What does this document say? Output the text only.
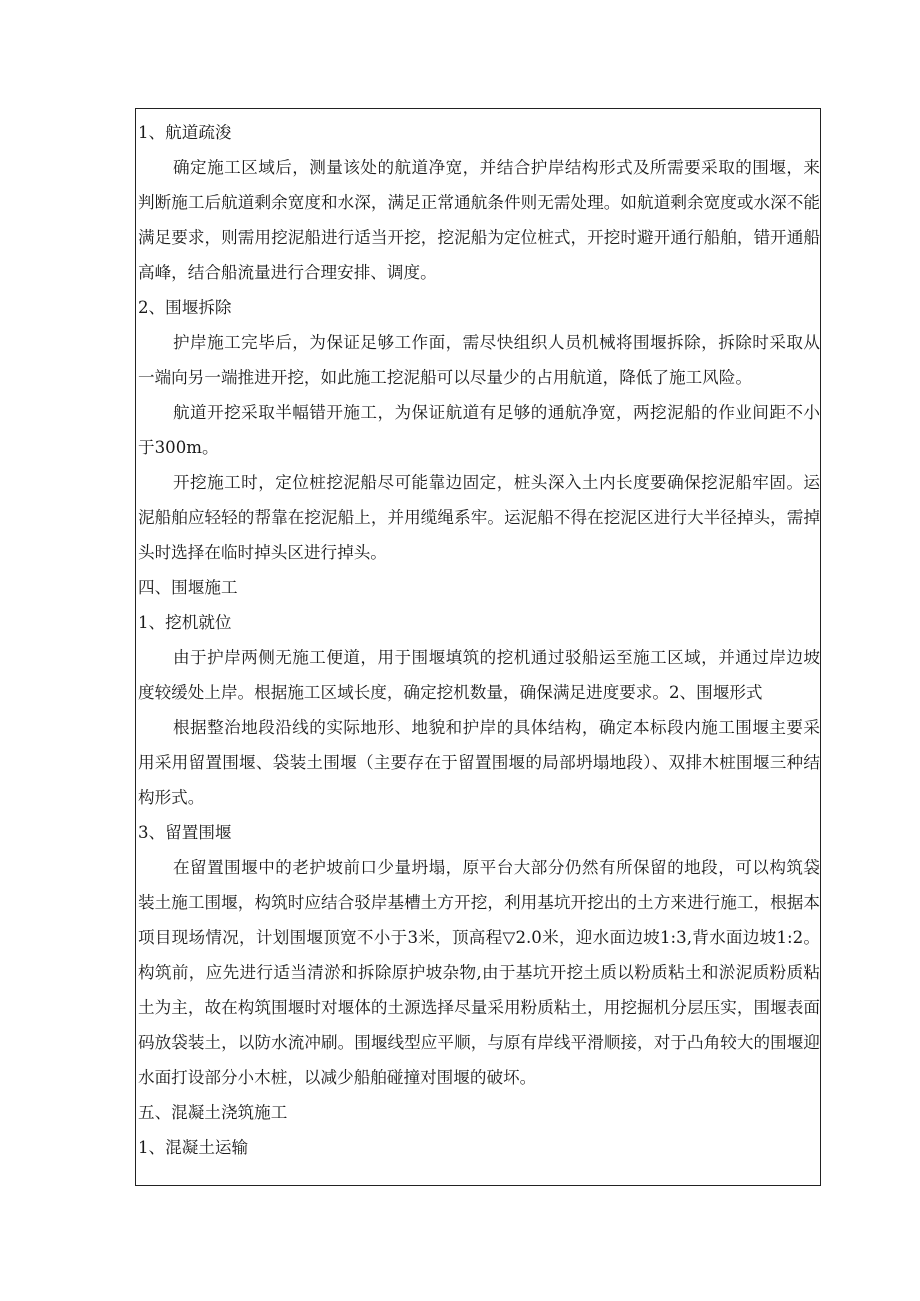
1、航道疏浚

确定施工区域后，测量该处的航道净宽，并结合护岸结构形式及所需要采取的围堰，来判断施工后航道剩余宽度和水深，满足正常通航条件则无需处理。如航道剩余宽度或水深不能满足要求，则需用挖泥船进行适当开挖，挖泥船为定位桩式，开挖时避开通行船舶，错开通船高峰，结合船流量进行合理安排、调度。

2、围堰拆除

护岸施工完毕后，为保证足够工作面，需尽快组织人员机械将围堰拆除，拆除时采取从一端向另一端推进开挖，如此施工挖泥船可以尽量少的占用航道，降低了施工风险。

航道开挖采取半幅错开施工，为保证航道有足够的通航净宽，两挖泥船的作业间距不小于300m。

开挖施工时，定位桩挖泥船尽可能靠边固定，桩头深入土内长度要确保挖泥船牢固。运泥船舶应轻轻的帮靠在挖泥船上，并用缆绳系牢。运泥船不得在挖泥区进行大半径掉头，需掉头时选择在临时掉头区进行掉头。

四、围堰施工

1、挖机就位

由于护岸两侧无施工便道，用于围堰填筑的挖机通过驳船运至施工区域，并通过岸边坡度较缓处上岸。根据施工区域长度，确定挖机数量，确保满足进度要求。2、围堰形式

根据整治地段沿线的实际地形、地貌和护岸的具体结构，确定本标段内施工围堰主要采用采用留置围堰、袋装土围堰（主要存在于留置围堰的局部坍塌地段）、双排木桩围堰三种结构形式。

3、留置围堰

在留置围堰中的老护坡前口少量坍塌，原平台大部分仍然有所保留的地段，可以构筑袋装土施工围堰，构筑时应结合驳岸基槽土方开挖，利用基坑开挖出的土方来进行施工，根据本项目现场情况，计划围堰顶宽不小于3米，顶高程▽2.0米，迎水面边坡1:3,背水面边坡1:2。构筑前，应先进行适当清淤和拆除原护坡杂物,由于基坑开挖土质以粉质粘土和淤泥质粉质粘土为主，故在构筑围堰时对堰体的土源选择尽量采用粉质粘土，用挖掘机分层压实，围堰表面码放袋装土，以防水流冲刷。围堰线型应平顺，与原有岸线平滑顺接，对于凸角较大的围堰迎水面打设部分小木桩，以减少船舶碰撞对围堰的破坏。

五、混凝土浇筑施工

1、混凝土运输
